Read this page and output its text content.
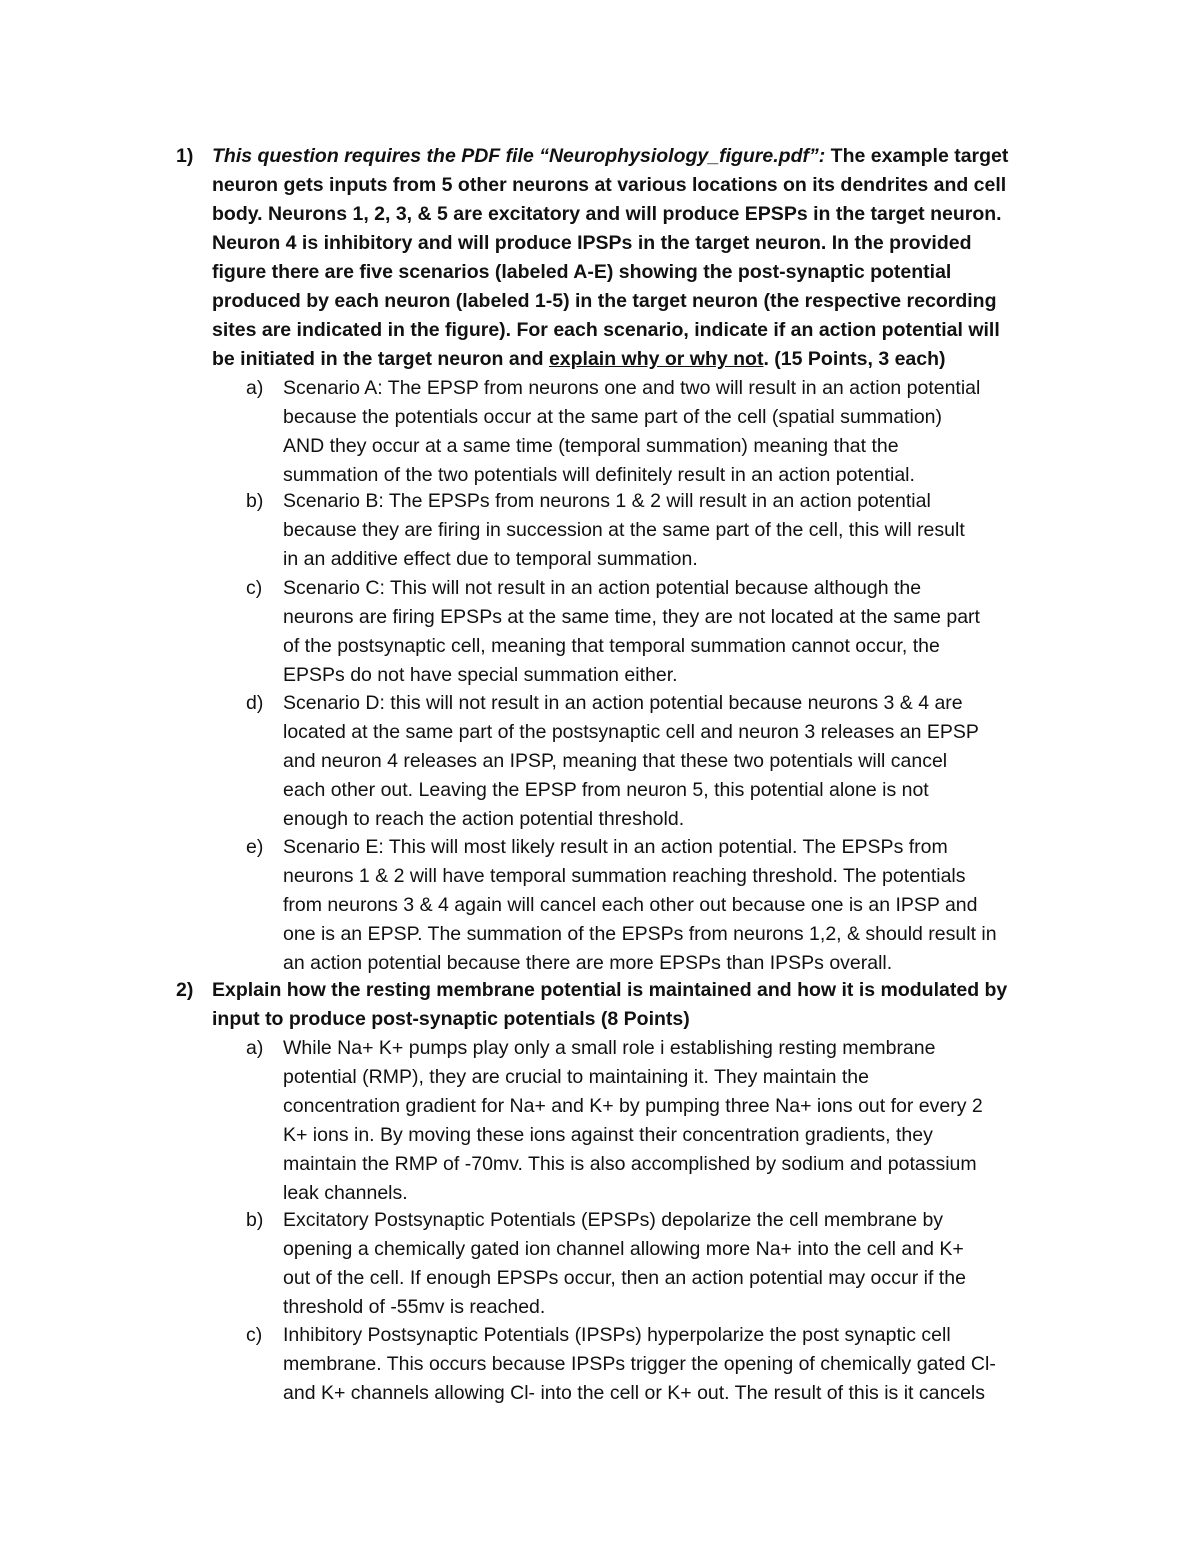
1) This question requires the PDF file “Neurophysiology_figure.pdf”: The example target
neuron gets inputs from 5 other neurons at various locations on its dendrites and cell
body. Neurons 1, 2, 3, & 5 are excitatory and will produce EPSPs in the target neuron.
Neuron 4 is inhibitory and will produce IPSPs in the target neuron. In the provided
figure there are five scenarios (labeled A-E) showing the post-synaptic potential
produced by each neuron (labeled 1-5) in the target neuron (the respective recording
sites are indicated in the figure). For each scenario, indicate if an action potential will
be initiated in the target neuron and explain why or why not. (15 Points, 3 each)
a) Scenario A: The EPSP from neurons one and two will result in an action potential
because the potentials occur at the same part of the cell (spatial summation)
AND they occur at a same time (temporal summation) meaning that the
summation of the two potentials will definitely result in an action potential.
b) Scenario B: The EPSPs from neurons 1 & 2 will result in an action potential
because they are firing in succession at the same part of the cell, this will result
in an additive effect due to temporal summation.
c) Scenario C: This will not result in an action potential because although the
neurons are firing EPSPs at the same time, they are not located at the same part
of the postsynaptic cell, meaning that temporal summation cannot occur, the
EPSPs do not have special summation either.
d) Scenario D: this will not result in an action potential because neurons 3 & 4 are
located at the same part of the postsynaptic cell and neuron 3 releases an EPSP
and neuron 4 releases an IPSP, meaning that these two potentials will cancel
each other out. Leaving the EPSP from neuron 5, this potential alone is not
enough to reach the action potential threshold.
e) Scenario E: This will most likely result in an action potential. The EPSPs from
neurons 1 & 2 will have temporal summation reaching threshold. The potentials
from neurons 3 & 4 again will cancel each other out because one is an IPSP and
one is an EPSP. The summation of the EPSPs from neurons 1,2, & should result in
an action potential because there are more EPSPs than IPSPs overall.
2) Explain how the resting membrane potential is maintained and how it is modulated by
input to produce post-synaptic potentials (8 Points)
a) While Na+ K+ pumps play only a small role i establishing resting membrane
potential (RMP), they are crucial to maintaining it. They maintain the
concentration gradient for Na+ and K+ by pumping three Na+ ions out for every 2
K+ ions in. By moving these ions against their concentration gradients, they
maintain the RMP of -70mv. This is also accomplished by sodium and potassium
leak channels.
b) Excitatory Postsynaptic Potentials (EPSPs) depolarize the cell membrane by
opening a chemically gated ion channel allowing more Na+ into the cell and K+
out of the cell. If enough EPSPs occur, then an action potential may occur if the
threshold of -55mv is reached.
c) Inhibitory Postsynaptic Potentials (IPSPs) hyperpolarize the post synaptic cell
membrane. This occurs because IPSPs trigger the opening of chemically gated Cl-
and K+ channels allowing Cl- into the cell or K+ out. The result of this is it cancels
